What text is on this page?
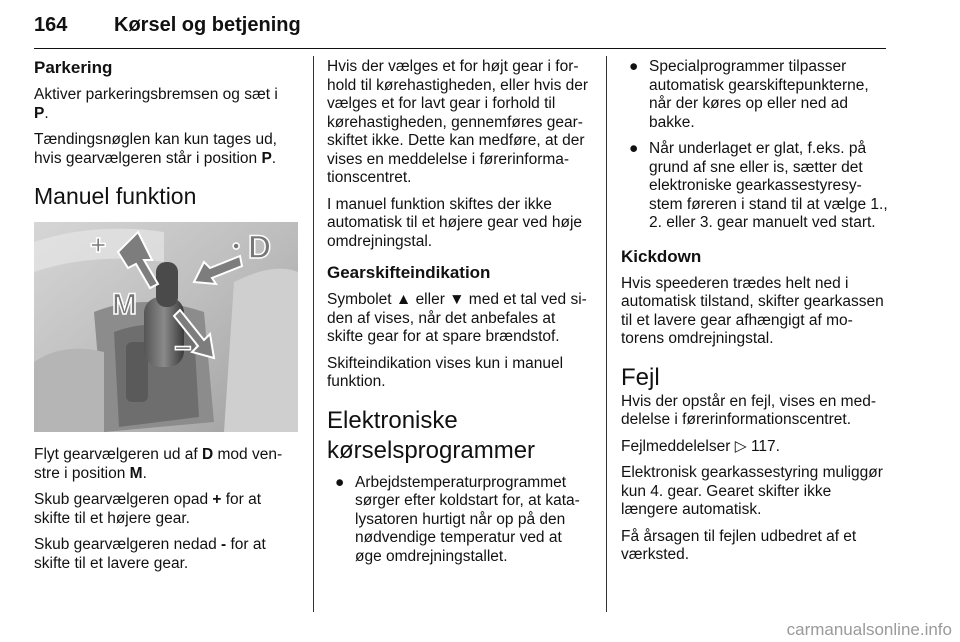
164 Kørsel og betjening
Parkering

Aktiver parkeringsbremsen og sæt i P.

Tændingsnøglen kan kun tages ud, hvis gearvælgeren står i position P.

Manuel funktion
+	● D
M
−

Flyt gearvælgeren ud af D mod venstre i position M.

Skub gearvælgeren opad + for at skifte til et højere gear.

Skub gearvælgeren nedad - for at skifte til et lavere gear.

Hvis der vælges et for højt gear i forhold til kørehastigheden, eller hvis der vælges et for lavt gear i forhold til kørehastigheden, gennemføres gearskiftet ikke. Dette kan medføre, at der vises en meddelelse i førerinformationscentret.

I manuel funktion skiftes der ikke automatisk til et højere gear ved høje omdrejningstal.

Gearskifteindikation

Symbolet ▲ eller ▼ med et tal ved siden af vises, når det anbefales at skifte gear for at spare brændstof.

Skifteindikation vises kun i manuel funktion.

Elektroniske
kørselsprogrammer
● Arbejdstemperaturprogrammet sørger efter koldstart for, at katalysatoren hurtigt når op på den nødvendige temperatur ved at øge omdrejningstallet.
● Specialprogrammer tilpasser automatisk gearskiftepunkterne, når der køres op eller ned ad bakke.
● Når underlaget er glat, f.eks. på grund af sne eller is, sætter det elektroniske gearkassestyresystem føreren i stand til at vælge 1., 2. eller 3. gear manuelt ved start.
Kickdown

Hvis speederen trædes helt ned i automatisk tilstand, skifter gearkassen til et lavere gear afhængigt af motorens omdrejningstal.

Fejl

Hvis der opstår en fejl, vises en meddelelse i førerinformationscentret.

Fejlmeddelelser ▷ 117.

Elektronisk gearkassestyring muliggør kun 4. gear. Gearet skifter ikke længere automatisk.

Få årsagen til fejlen udbedret af et værksted.

carmanualsonline.info
